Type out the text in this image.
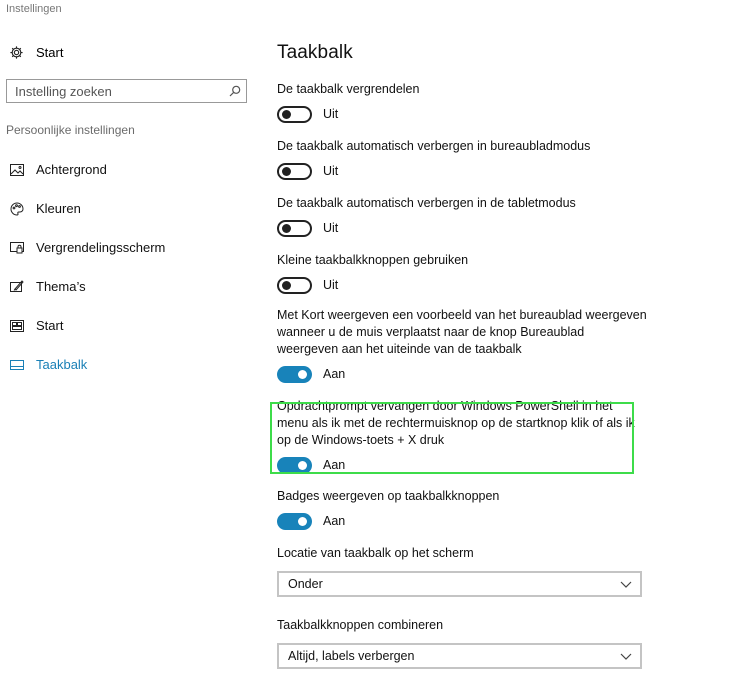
Instellingen
Start
Instelling zoeken
Persoonlijke instellingen
Achtergrond
Kleuren
Vergrendelingsscherm
Thema’s
Start
Taakbalk
Taakbalk
De taakbalk vergrendelen
Uit
De taakbalk automatisch verbergen in bureaubladmodus
Uit
De taakbalk automatisch verbergen in de tabletmodus
Uit
Kleine taakbalkknoppen gebruiken
Uit
Met Kort weergeven een voorbeeld van het bureaublad weergeven wanneer u de muis verplaatst naar de knop Bureaublad weergeven aan het uiteinde van de taakbalk
Aan
Opdrachtprompt vervangen door Windows PowerShell in het menu als ik met de rechtermuisknop op de startknop klik of als ik op de Windows-toets + X druk
Aan
Badges weergeven op taakbalkknoppen
Aan
Locatie van taakbalk op het scherm
Onder
Taakbalkknoppen combineren
Altijd, labels verbergen
